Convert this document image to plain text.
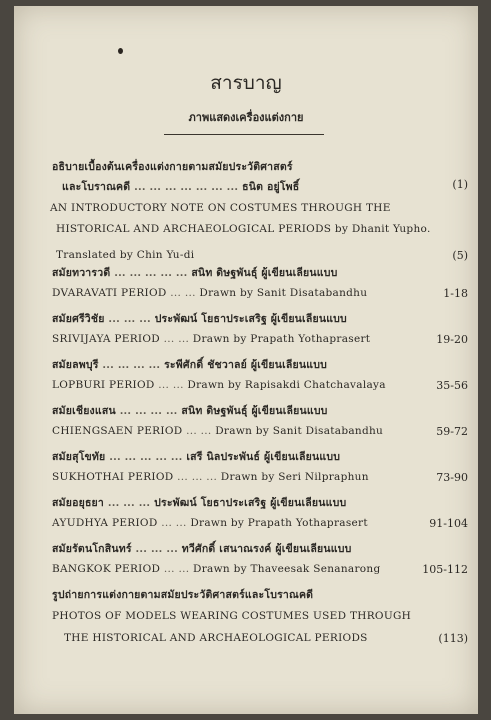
สารบาญ
ภาพแสดงเครื่องแต่งกาย
อธิบายเบื้องต้นเครื่องแต่งกายตามสมัยประวัติศาสตร์
และโบราณคดี ... ... ... ... ... ... ... ธนิต อยู่โพธิ์	(1)
AN INTRODUCTORY NOTE ON COSTUMES THROUGH THE
HISTORICAL AND ARCHAEOLOGICAL PERIODS by Dhanit Yupho.
Translated by Chin Yu-di	(5)
สมัยทวารวดี ... ... ... ... ... สนิท ดิษฐพันธุ์ ผู้เขียนเลียนแบบ
DVARAVATI PERIOD ... ... Drawn by Sanit Disatabandhu	1-18
สมัยศรีวิชัย ... ... ... ประพัฒน์ โยธาประเสริฐ ผู้เขียนเลียนแบบ
SRIVIJAYA PERIOD ... ... Drawn by Prapath Yothaprasert	19-20
สมัยลพบุรี ... ... ... ... ระพีศักดิ์ ชัชวาลย์ ผู้เขียนเลียนแบบ
LOPBURI PERIOD ... ... Drawn by Rapisakdi Chatchavalaya	35-56
สมัยเชียงแสน ... ... ... ... สนิท ดิษฐพันธุ์ ผู้เขียนเลียนแบบ
CHIENGSAEN PERIOD ... ... Drawn by Sanit Disatabandhu	59-72
สมัยสุโขทัย ... ... ... ... ... เสรี นิลประพันธ์ ผู้เขียนเลียนแบบ
SUKHOTHAI PERIOD ... ... ... Drawn by Seri Nilpraphun	73-90
สมัยอยุธยา ... ... ... ประพัฒน์ โยธาประเสริฐ ผู้เขียนเลียนแบบ
AYUDHYA PERIOD ... ... Drawn by Prapath Yothaprasert	91-104
สมัยรัตนโกสินทร์ ... ... ... ทวีศักดิ์ เสนาณรงค์ ผู้เขียนเลียนแบบ
BANGKOK PERIOD ... ... Drawn by Thaveesak Senanarong	105-112
รูปถ่ายการแต่งกายตามสมัยประวัติศาสตร์และโบราณคดี
PHOTOS OF MODELS WEARING COSTUMES USED THROUGH
THE HISTORICAL AND ARCHAEOLOGICAL PERIODS	(113)
